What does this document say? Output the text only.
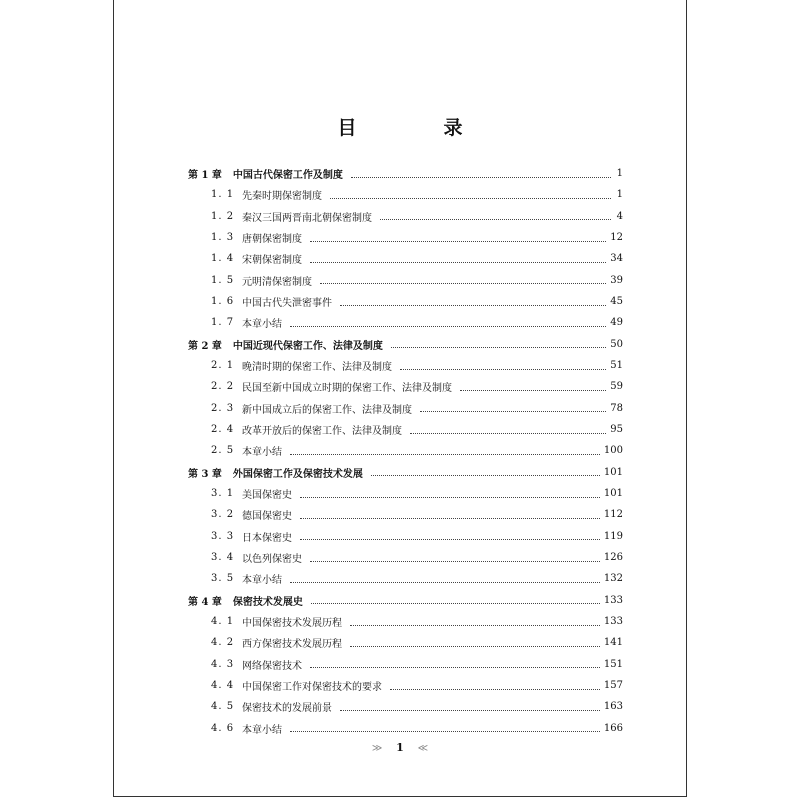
目　录
第 1 章 中国古代保密工作及制度	1
1. 1 先秦时期保密制度	1
1. 2 秦汉三国两晋南北朝保密制度	4
1. 3 唐朝保密制度	12
1. 4 宋朝保密制度	34
1. 5 元明清保密制度	39
1. 6 中国古代失泄密事件	45
1. 7 本章小结	49
第 2 章 中国近现代保密工作、法律及制度	50
2. 1 晚清时期的保密工作、法律及制度	51
2. 2 民国至新中国成立时期的保密工作、法律及制度	59
2. 3 新中国成立后的保密工作、法律及制度	78
2. 4 改革开放后的保密工作、法律及制度	95
2. 5 本章小结	100
第 3 章 外国保密工作及保密技术发展	101
3. 1 美国保密史	101
3. 2 德国保密史	112
3. 3 日本保密史	119
3. 4 以色列保密史	126
3. 5 本章小结	132
第 4 章 保密技术发展史	133
4. 1 中国保密技术发展历程	133
4. 2 西方保密技术发展历程	141
4. 3 网络保密技术	151
4. 4 中国保密工作对保密技术的要求	157
4. 5 保密技术的发展前景	163
4. 6 本章小结	166
≫ 1 ≪
